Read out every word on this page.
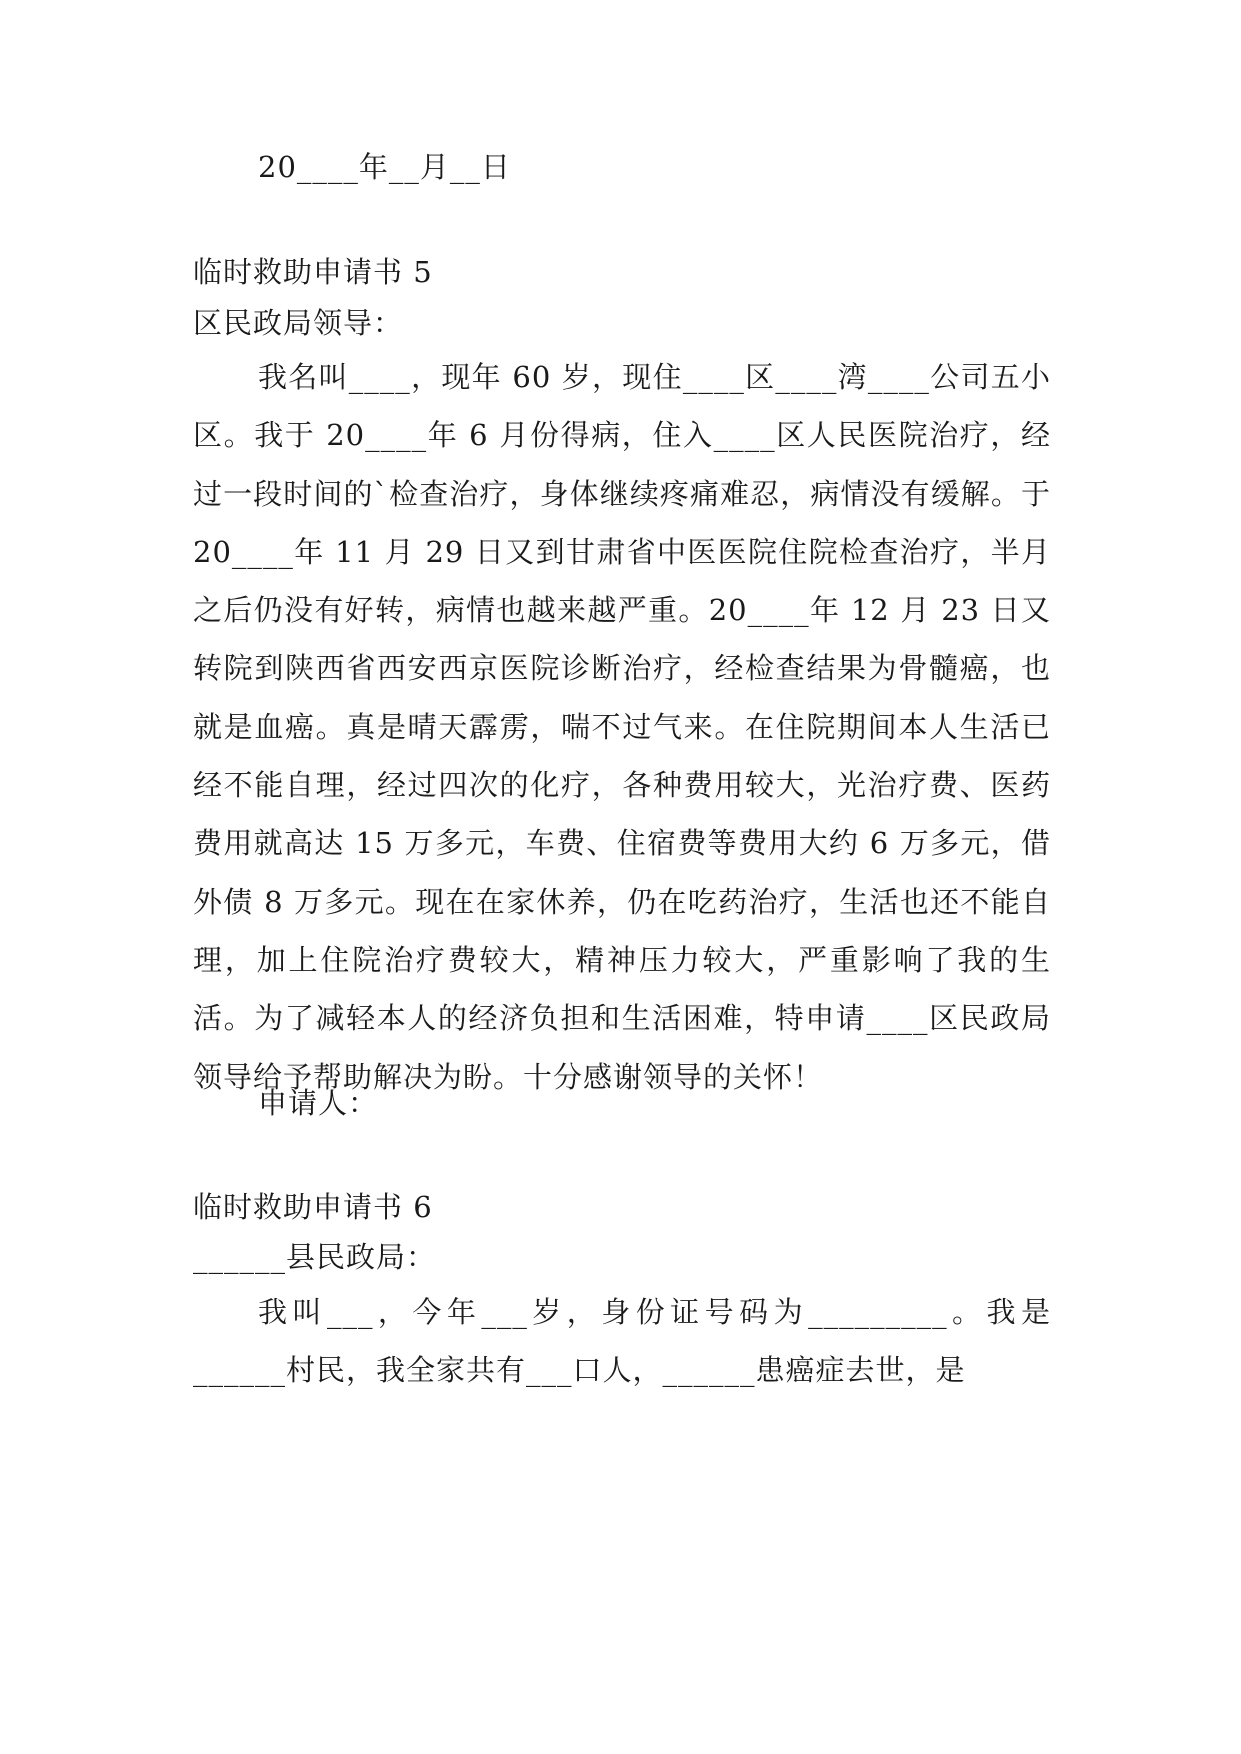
20____年__月__日
临时救助申请书 5
区民政局领导：

我名叫____，现年 60 岁，现住____区____湾____公司五小区。我于 20____年 6 月份得病，住入____区人民医院治疗，经过一段时间的`检查治疗，身体继续疼痛难忍，病情没有缓解。于 20____年 11 月 29 日又到甘肃省中医医院住院检查治疗，半月之后仍没有好转，病情也越来越严重。20____年 12 月 23 日又转院到陕西省西安西京医院诊断治疗，经检查结果为骨髓癌，也就是血癌。真是晴天霹雳，喘不过气来。在住院期间本人生活已经不能自理，经过四次的化疗，各种费用较大，光治疗费、医药费用就高达 15 万多元，车费、住宿费等费用大约 6 万多元，借外债 8 万多元。现在在家休养，仍在吃药治疗，生活也还不能自理，加上住院治疗费较大，精神压力较大，严重影响了我的生活。为了减轻本人的经济负担和生活困难，特申请____区民政局领导给予帮助解决为盼。十分感谢领导的关怀！

申请人：
临时救助申请书 6
______县民政局：

我叫___，今年___岁，身份证号码为_________。我是______村民，我全家共有___口人，______患癌症去世，是
